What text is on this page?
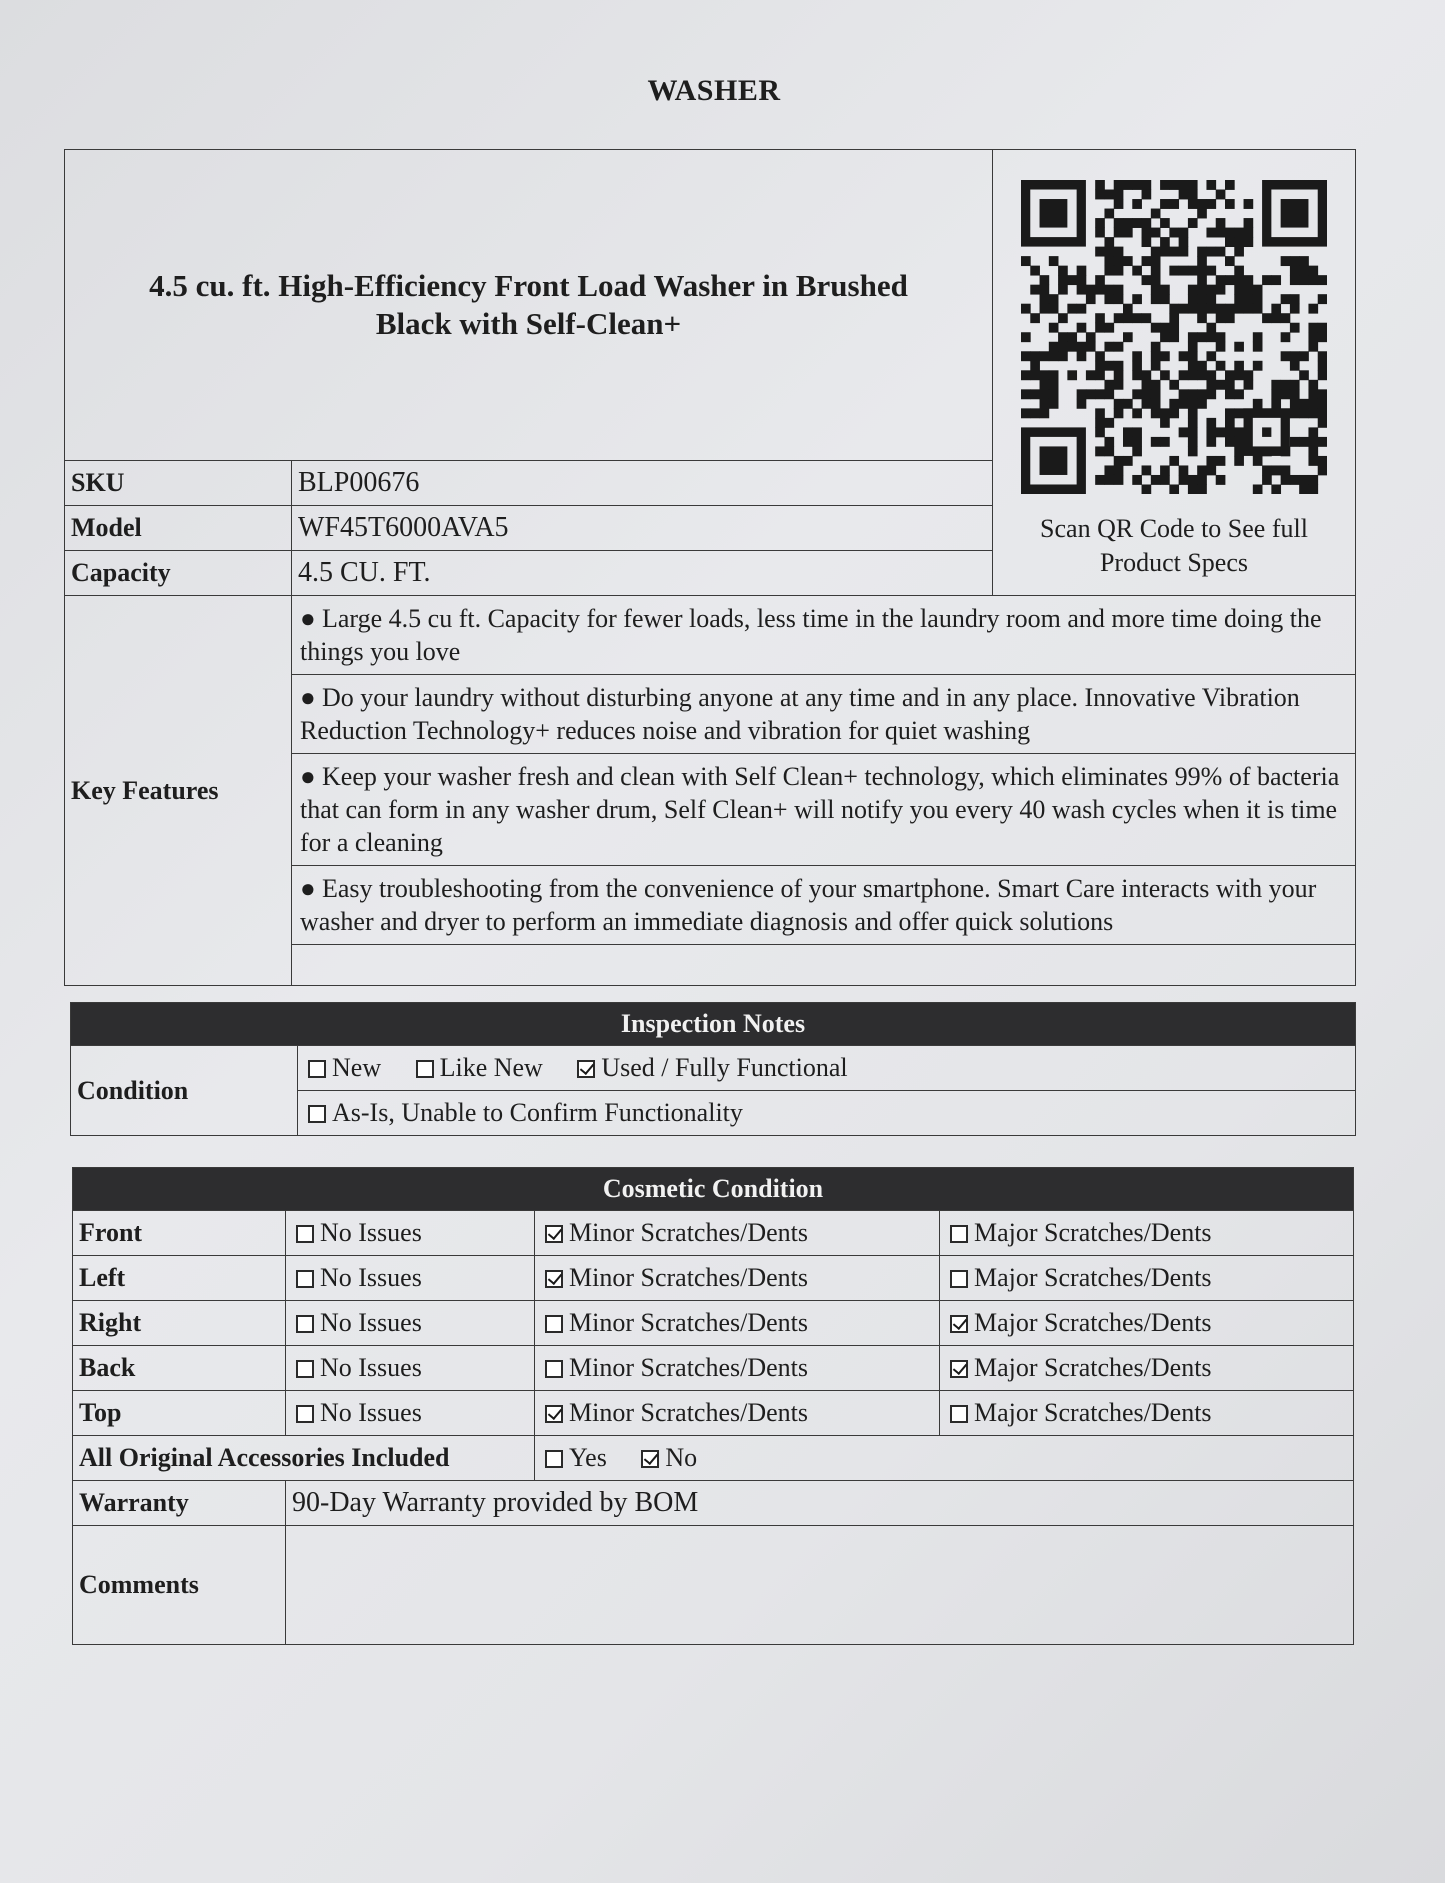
WASHER
4.5 cu. ft. High-Efficiency Front Load Washer in Brushed
Black with Self-Clean+		Scan QR Code to See full
Product Specs
SKU	BLP00676	
Model	WF45T6000AVA5	
Capacity	4.5 CU. FT.	
Key Features	● Large 4.5 cu ft. Capacity for fewer loads, less time in the laundry room and more time doing the things you love	
	● Do your laundry without disturbing anyone at any time and in any place. Innovative Vibration Reduction Technology+ reduces noise and vibration for quiet washing	
	● Keep your washer fresh and clean with Self Clean+ technology, which eliminates 99% of bacteria that can form in any washer drum, Self Clean+ will notify you every 40 wash cycles when it is time for a cleaning	
	● Easy troubleshooting from the convenience of your smartphone. Smart Care interacts with your washer and dryer to perform an immediate diagnosis and offer quick solutions	

Inspection Notes
Condition	New Like New Used / Fully Functional
As-Is, Unable to Confirm Functionality
Cosmetic Condition			
Front	No Issues	Minor Scratches/Dents	Major Scratches/Dents
Left	No Issues	Minor Scratches/Dents	Major Scratches/Dents
Right	No Issues	Minor Scratches/Dents	Major Scratches/Dents
Back	No Issues	Minor Scratches/Dents	Major Scratches/Dents
Top	No Issues	Minor Scratches/Dents	Major Scratches/Dents
All Original Accessories Included		Yes No	
Warranty	90-Day Warranty provided by BOM		
Comments			
